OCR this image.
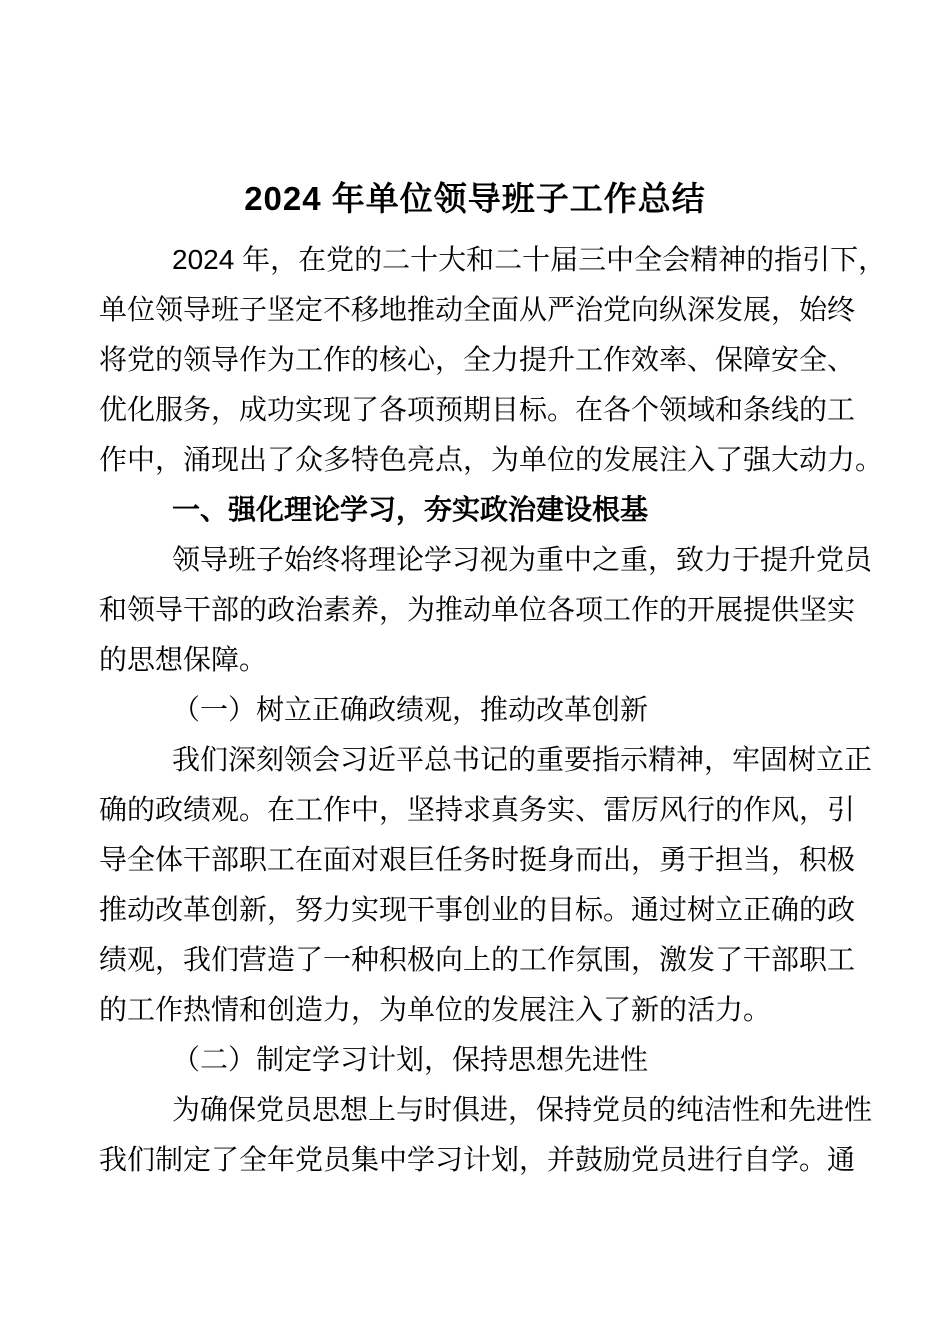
2024 年单位领导班子工作总结
2024 年，在党的二十大和二十届三中全会精神的指引下，
单位领导班子坚定不移地推动全面从严治党向纵深发展，始终
将党的领导作为工作的核心，全力提升工作效率、保障安全、
优化服务，成功实现了各项预期目标。在各个领域和条线的工
作中，涌现出了众多特色亮点，为单位的发展注入了强大动力。
一、强化理论学习，夯实政治建设根基
领导班子始终将理论学习视为重中之重，致力于提升党员
和领导干部的政治素养，为推动单位各项工作的开展提供坚实
的思想保障。
（一）树立正确政绩观，推动改革创新
我们深刻领会习近平总书记的重要指示精神，牢固树立正
确的政绩观。在工作中，坚持求真务实、雷厉风行的作风，引
导全体干部职工在面对艰巨任务时挺身而出，勇于担当，积极
推动改革创新，努力实现干事创业的目标。通过树立正确的政
绩观，我们营造了一种积极向上的工作氛围，激发了干部职工
的工作热情和创造力，为单位的发展注入了新的活力。
（二）制定学习计划，保持思想先进性
为确保党员思想上与时俱进，保持党员的纯洁性和先进性
我们制定了全年党员集中学习计划，并鼓励党员进行自学。通
